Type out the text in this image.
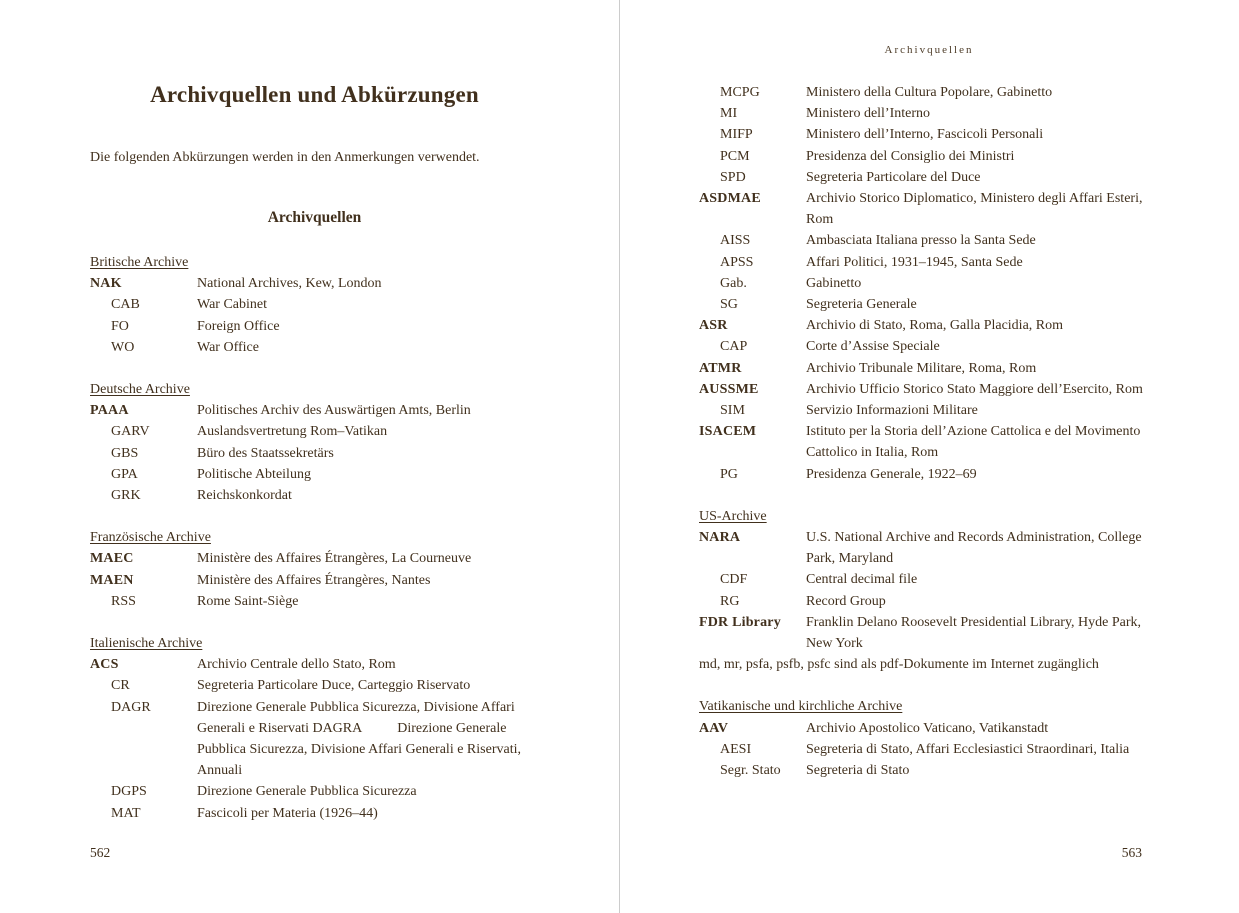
Archivquellen und Abkürzungen

Die folgenden Abkürzungen werden in den Anmerkungen verwendet.

Archivquellen
Britische Archive
NAK	National Archives, Kew, London
CAB	War Cabinet
FO	Foreign Office
WO	War Office
Deutsche Archive
PAAA	Politisches Archiv des Auswärtigen Amts, Berlin
GARV	Auslandsvertretung Rom–Vatikan
GBS	Büro des Staatssekretärs
GPA	Politische Abteilung
GRK	Reichskonkordat
Französische Archive
MAEC	Ministère des Affaires Étrangères, La Courneuve
MAEN	Ministère des Affaires Étrangères, Nantes
RSS	Rome Saint-Siège
Italienische Archive
ACS	Archivio Centrale dello Stato, Rom
CR	Segreteria Particolare Duce, Carteggio Riservato
DAGR	Direzione Generale Pubblica Sicurezza, Divisione Affari Generali e Riservati DAGRA   Direzione Generale Pubblica Sicurezza, Divisione Affari Generali e Riservati, Annuali
DGPS	Direzione Generale Pubblica Sicurezza
MAT	Fascicoli per Materia (1926–44)
562
Archivquellen
MCPG	Ministero della Cultura Popolare, Gabinetto
MI	Ministero dell’Interno
MIFP	Ministero dell’Interno, Fascicoli Personali
PCM	Presidenza del Consiglio dei Ministri
SPD	Segreteria Particolare del Duce
ASDMAE	Archivio Storico Diplomatico, Ministero degli Affari Esteri, Rom
AISS	Ambasciata Italiana presso la Santa Sede
APSS	Affari Politici, 1931–1945, Santa Sede
Gab.	Gabinetto
SG	Segreteria Generale
ASR	Archivio di Stato, Roma, Galla Placidia, Rom
CAP	Corte d’Assise Speciale
ATMR	Archivio Tribunale Militare, Roma, Rom
AUSSME	Archivio Ufficio Storico Stato Maggiore dell’Esercito, Rom
SIM	Servizio Informazioni Militare
ISACEM	Istituto per la Storia dell’Azione Cattolica e del Movimento Cattolico in Italia, Rom
PG	Presidenza Generale, 1922–69
US-Archive
NARA	U.S. National Archive and Records Administration, College Park, Maryland
CDF	Central decimal file
RG	Record Group
FDR Library	Franklin Delano Roosevelt Presidential Library, Hyde Park, New York
md, mr, psfa, psfb, psfc sind als pdf-Dokumente im Internet zugänglich
Vatikanische und kirchliche Archive
AAV	Archivio Apostolico Vaticano, Vatikanstadt
AESI	Segreteria di Stato, Affari Ecclesiastici Straordinari, Italia
Segr. Stato	Segreteria di Stato
563
